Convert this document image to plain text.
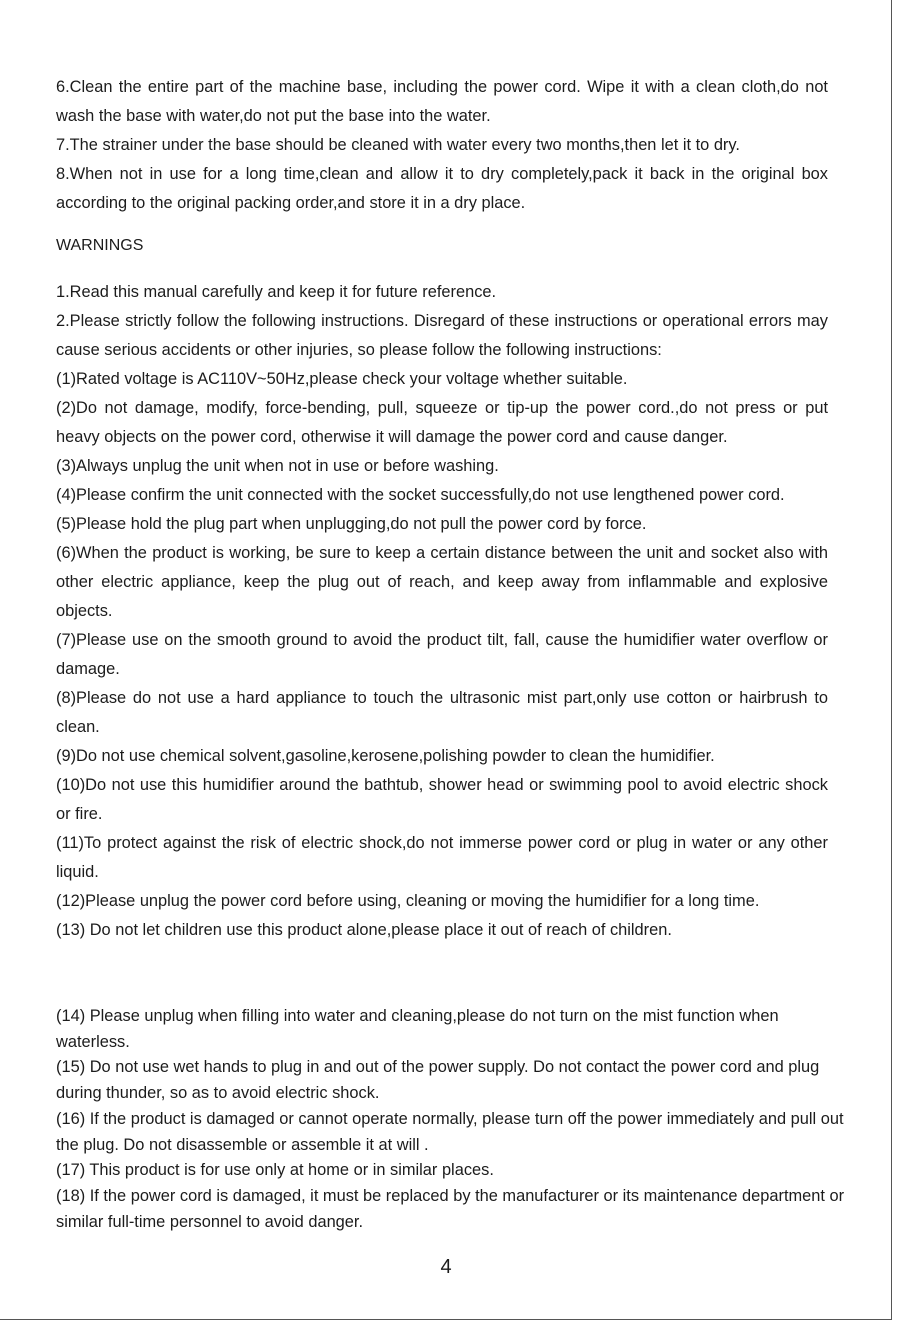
6.Clean the entire part of the machine base, including the power cord. Wipe it with a clean cloth,do not wash the base with water,do not put the base into the water.

7.The strainer under the base should be cleaned with water every two months,then let it to dry.

8.When not in use for a long time,clean and allow it to dry completely,pack it back in the original box according to the original packing order,and store it in a dry place.

WARNINGS

1.Read this manual carefully and keep it for future reference.

2.Please strictly follow the following instructions. Disregard of these instructions or operational errors may cause serious accidents or other injuries, so please follow the following instructions:

(1)Rated voltage is AC110V~50Hz,please check your voltage whether suitable.

(2)Do not damage, modify, force-bending, pull, squeeze or tip-up the power cord.,do not press or put heavy objects on the power cord, otherwise it will damage the power cord and cause danger.

(3)Always unplug the unit when not in use or before washing.

(4)Please confirm the unit connected with the socket successfully,do not use lengthened power cord.

(5)Please hold the plug part when unplugging,do not pull the power cord by force.

(6)When the product is working, be sure to keep a certain distance between the unit and socket also with other electric appliance, keep the plug out of reach, and keep away from inflammable and explosive objects.

(7)Please use on the smooth ground to avoid the product tilt, fall, cause the humidifier water overflow or damage.

(8)Please do not use a hard appliance to touch the ultrasonic mist part,only use cotton or hairbrush to clean.

(9)Do not use chemical solvent,gasoline,kerosene,polishing powder to clean the humidifier.

(10)Do not use this humidifier around the bathtub, shower head or swimming pool to avoid electric shock or fire.

(11)To protect against the risk of electric shock,do not immerse power cord or plug in water or any other liquid.

(12)Please unplug the power cord before using, cleaning or moving the humidifier for a long time.

(13) Do not let children use this product alone,please place it out of reach of children.

(14) Please unplug when filling into water and cleaning,please do not turn on the mist function when waterless.

(15) Do not use wet hands to plug in and out of the power supply. Do not contact the power cord and plug during thunder, so as to avoid electric shock.

(16) If the product is damaged or cannot operate normally, please turn off the power immediately and pull out the plug. Do not disassemble or assemble it at will .

(17) This product is for use only at home or in similar places.

(18) If the power cord is damaged, it must be replaced by the manufacturer or its maintenance department or similar full-time personnel to avoid danger.

4
